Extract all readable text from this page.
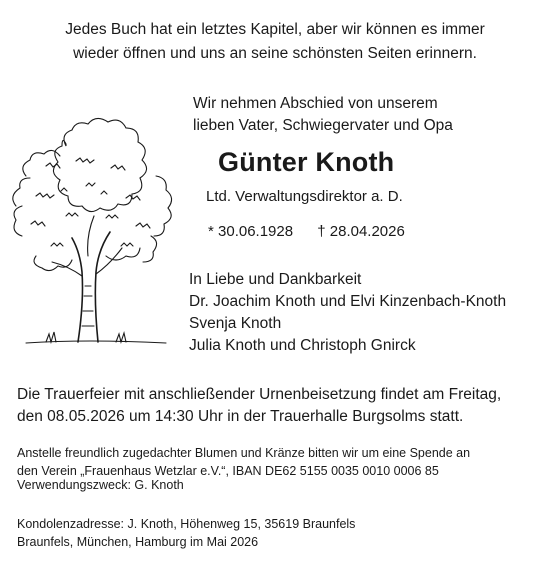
Jedes Buch hat ein letztes Kapitel, aber wir können es immer
wieder öffnen und uns an seine schönsten Seiten erinnern.
Wir nehmen Abschied von unserem
lieben Vater, Schwiegervater und Opa
Günter Knoth
Ltd. Verwaltungsdirektor a. D.
* 30.06.1928 † 28.04.2026
In Liebe und Dankbarkeit
Dr. Joachim Knoth und Elvi Kinzenbach-Knoth
Svenja Knoth
Julia Knoth und Christoph Gnirck
Die Trauerfeier mit anschließender Urnenbeisetzung findet am Freitag,
den 08.05.2026 um 14:30 Uhr in der Trauerhalle Burgsolms statt.
Anstelle freundlich zugedachter Blumen und Kränze bitten wir um eine Spende an
den Verein „Frauenhaus Wetzlar e.V.“, IBAN DE62 5155 0035 0010 0006 85
Verwendungszweck: G. Knoth
Kondolenzadresse: J. Knoth, Höhenweg 15, 35619 Braunfels
Braunfels, München, Hamburg im Mai 2026
